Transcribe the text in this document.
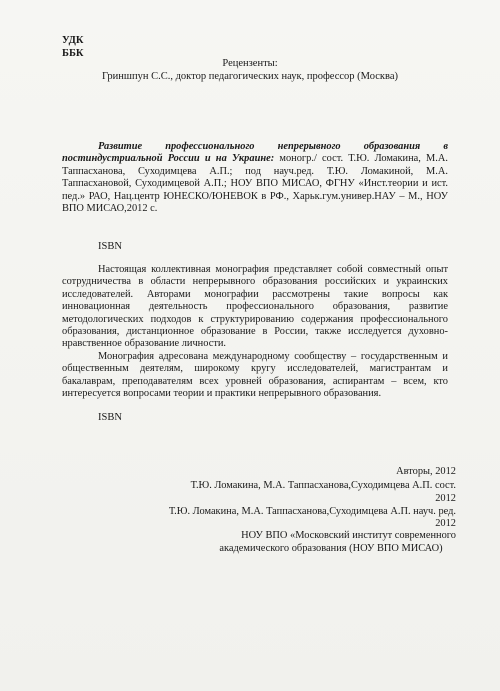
УДК
ББК
Рецензенты:
Гриншпун С.С., доктор педагогических наук, профессор (Москва)
Развитие профессионального непрерывного образования в постиндустриальной России и на Украине: моногр./ сост. Т.Ю. Ломакина, М.А. Таппасханова, Суходимцева А.П.; под науч.ред. Т.Ю. Ломакиной, М.А. Таппасхановой, Суходимцевой А.П.; НОУ ВПО МИСАО, ФГНУ «Инст.теории и ист. пед.» РАО, Нац.центр ЮНЕСКО/ЮНЕВОК в РФ., Харьк.гум.универ.НАУ – М., НОУ ВПО МИСАО,2012 с.
ISBN

Настоящая коллективная монография представляет собой совместный опыт сотрудничества в области непрерывного образования российских и украинских исследователей. Авторами монографии рассмотрены такие вопросы как инновационная деятельность профессионального образования, развитие методологических подходов к структурированию содержания профессионального образования, дистанционное образование в России, также исследуется духовно-нравственное образование личности.

Монография адресована международному сообществу – государственным и общественным деятелям, широкому кругу исследователей, магистрантам и бакалаврам, преподавателям всех уровней образования, аспирантам – всем, кто интересуется вопросами теории и практики непрерывного образования.

ISBN
Авторы, 2012
Т.Ю. Ломакина, М.А. Таппасханова,Суходимцева А.П. сост.
2012
Т.Ю. Ломакина, М.А. Таппасханова,Суходимцева А.П. науч. ред.
2012
НОУ ВПО «Московский институт современного
академического образования (НОУ ВПО МИСАО)
